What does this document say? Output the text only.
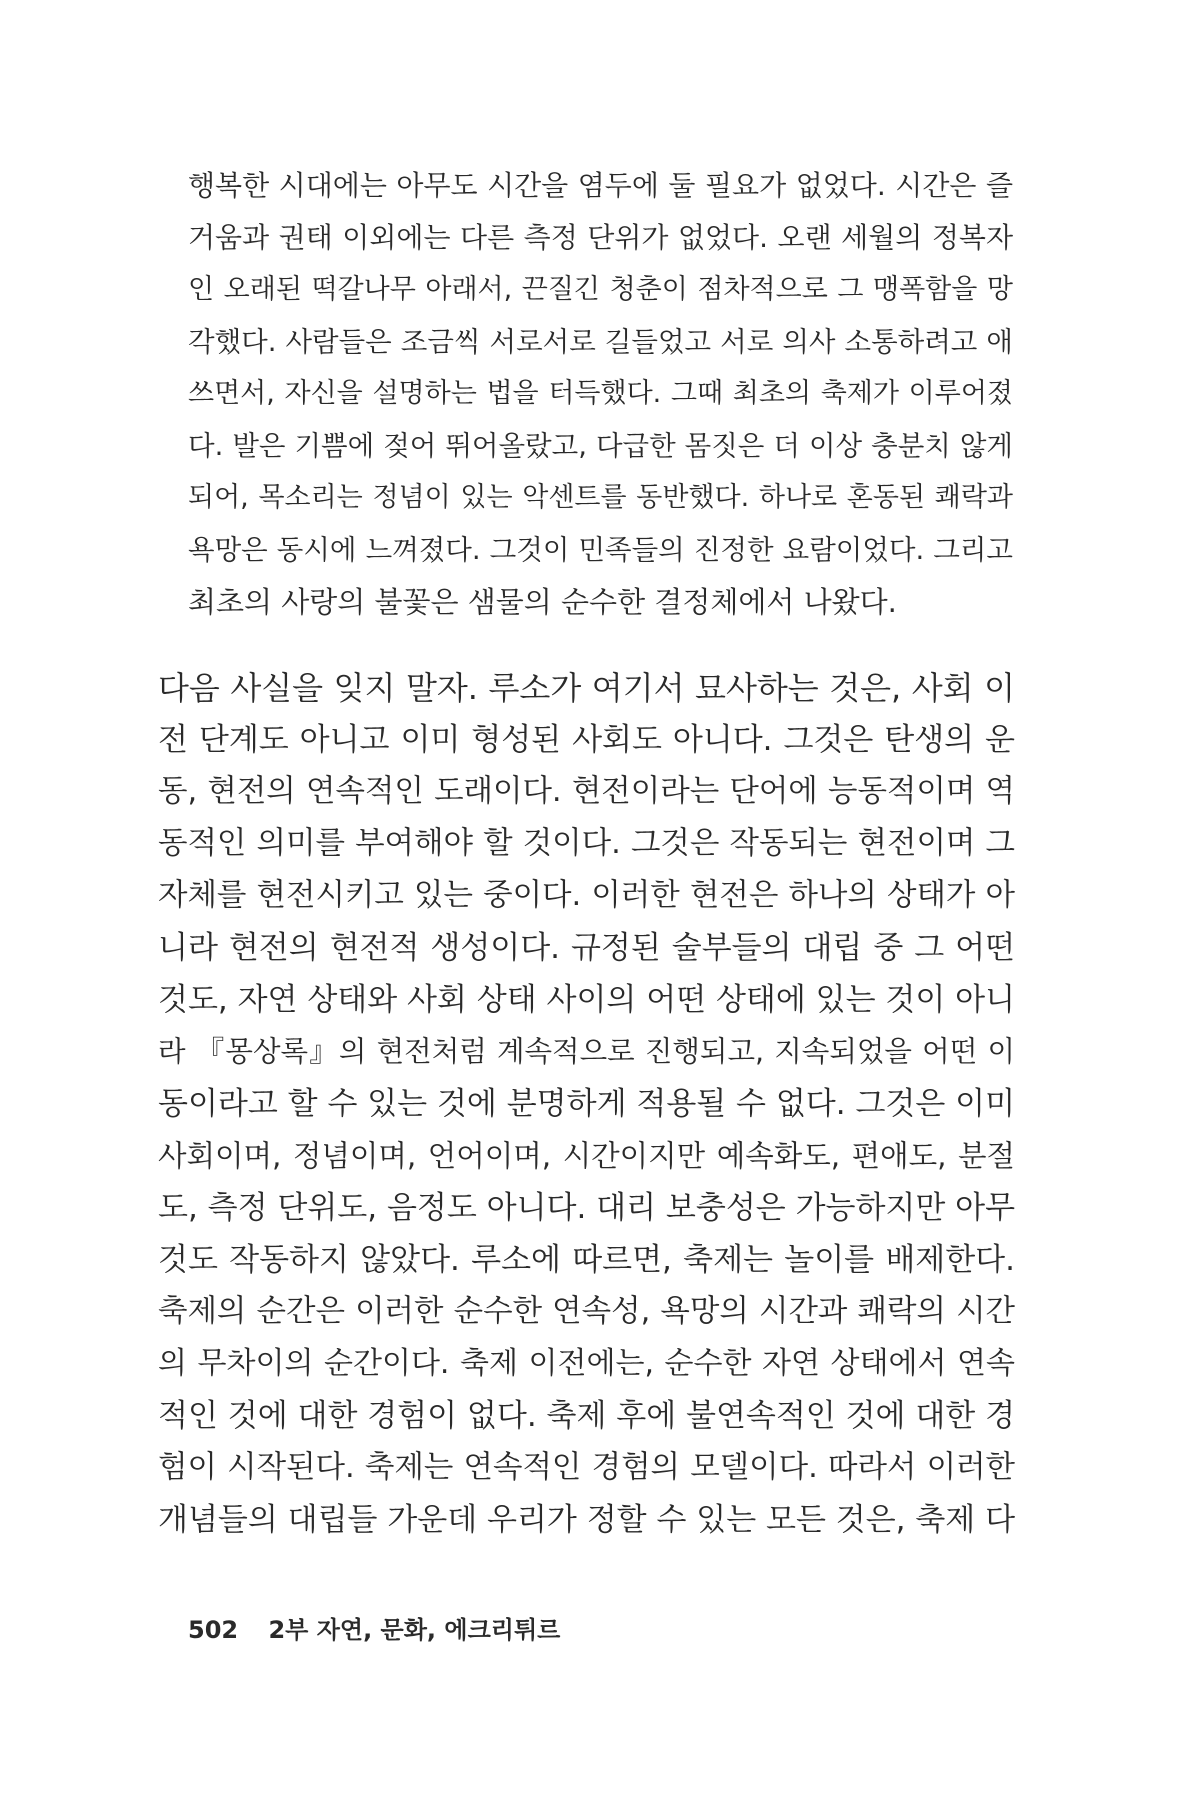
행복한 시대에는 아무도 시간을 염두에 둘 필요가 없었다. 시간은 즐
거움과 권태 이외에는 다른 측정 단위가 없었다. 오랜 세월의 정복자
인 오래된 떡갈나무 아래서, 끈질긴 청춘이 점차적으로 그 맹폭함을 망
각했다. 사람들은 조금씩 서로서로 길들었고 서로 의사 소통하려고 애
쓰면서, 자신을 설명하는 법을 터득했다. 그때 최초의 축제가 이루어졌
다. 발은 기쁨에 젖어 뛰어올랐고, 다급한 몸짓은 더 이상 충분치 않게
되어, 목소리는 정념이 있는 악센트를 동반했다. 하나로 혼동된 쾌락과
욕망은 동시에 느껴졌다. 그것이 민족들의 진정한 요람이었다. 그리고
최초의 사랑의 불꽃은 샘물의 순수한 결정체에서 나왔다.
다음 사실을 잊지 말자. 루소가 여기서 묘사하는 것은, 사회 이
전 단계도 아니고 이미 형성된 사회도 아니다. 그것은 탄생의 운
동, 현전의 연속적인 도래이다. 현전이라는 단어에 능동적이며 역
동적인 의미를 부여해야 할 것이다. 그것은 작동되는 현전이며 그
자체를 현전시키고 있는 중이다. 이러한 현전은 하나의 상태가 아
니라 현전의 현전적 생성이다. 규정된 술부들의 대립 중 그 어떤
것도, 자연 상태와 사회 상태 사이의 어떤 상태에 있는 것이 아니
라 『몽상록』의 현전처럼 계속적으로 진행되고, 지속되었을 어떤 이
동이라고 할 수 있는 것에 분명하게 적용될 수 없다. 그것은 이미
사회이며, 정념이며, 언어이며, 시간이지만 예속화도, 편애도, 분절
도, 측정 단위도, 음정도 아니다. 대리 보충성은 가능하지만 아무
것도 작동하지 않았다. 루소에 따르면, 축제는 놀이를 배제한다.
축제의 순간은 이러한 순수한 연속성, 욕망의 시간과 쾌락의 시간
의 무차이의 순간이다. 축제 이전에는, 순수한 자연 상태에서 연속
적인 것에 대한 경험이 없다. 축제 후에 불연속적인 것에 대한 경
험이 시작된다. 축제는 연속적인 경험의 모델이다. 따라서 이러한
개념들의 대립들 가운데 우리가 정할 수 있는 모든 것은, 축제 다
502 2부 자연, 문화, 에크리튀르
